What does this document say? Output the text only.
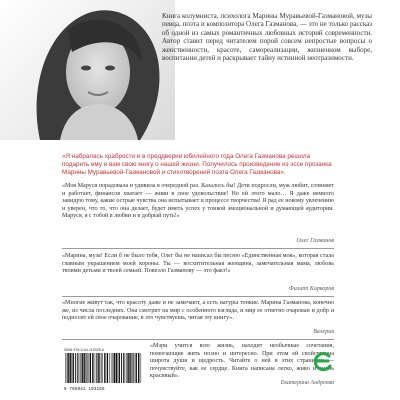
Книга колумниста, психолога Марины Муравьевой-Газмановой, музы певца, поэта и композитора Олега Газманова, — это не только рассказ об одной из самых романтичных любовных историй современности. Автор ставит перед читателем порой совсем непростые вопросы о женственности, красоте, самореализации, жизненном выборе, воспитании детей и раскрывает тайну истинной неотразимости.
«Я набралась храбрости и в преддверии юбилейного года Олега Газманова решила подарить ему и вам свою книгу о нашей жизни. Получилось произведение из эссе прозаика Марины Муравьевой-Газмановой и стихотворений поэта Олега Газманова».
«Моя Маруся порадовала и удивила в очередной раз. Казалось бы! Дети подросли, муж любит, сочиняет и работает, финансов хватает — живи в свое удовольствие! Но ей этого мало… Я даже немного завидую тому, какие острые чувства она испытывает в процессе творчества! Я рад ее новому увлечению и уверен, что то, что она делает, будет иметь успех у тонкой эмоциональной и думающей аудитории. Маруся, я с тобой в любви и в добрый путь!»
Олег Газманов
«Марина, муза! Если б не было тебя, Олег бы не написал бы песню «Единственная моя», которая стала главным украшением моей короны. Ты — восхитительная женщина, замечательная мама, любовь твоими детьми и твоей семьей. Повезло Газманову — это факт!»
Филипп Киркоров
«Многие живут так, что красоту даже и не замечают, а есть натуры тонкие. Марина Газманова, конечно же, из числа последних. Она смотрит на мир с особенного взгляда, и мир ее ответно очарован и добр и подносит ей свое очарование, в это чувствуешь, читая эту книгу».
Валерия
«Мэри учится всю жизнь, находит необычные сочетания, помогающие жить позно и интересно. При этом ей свойственна широта души и щедрость. Читайте о ней в этих страницах — почувствуйте, как ее сердце. Книга написана легко, живо и очень красивый».
Екатерина Андреева
ISBN 978-5-04-119325-6
9 785041 193256
